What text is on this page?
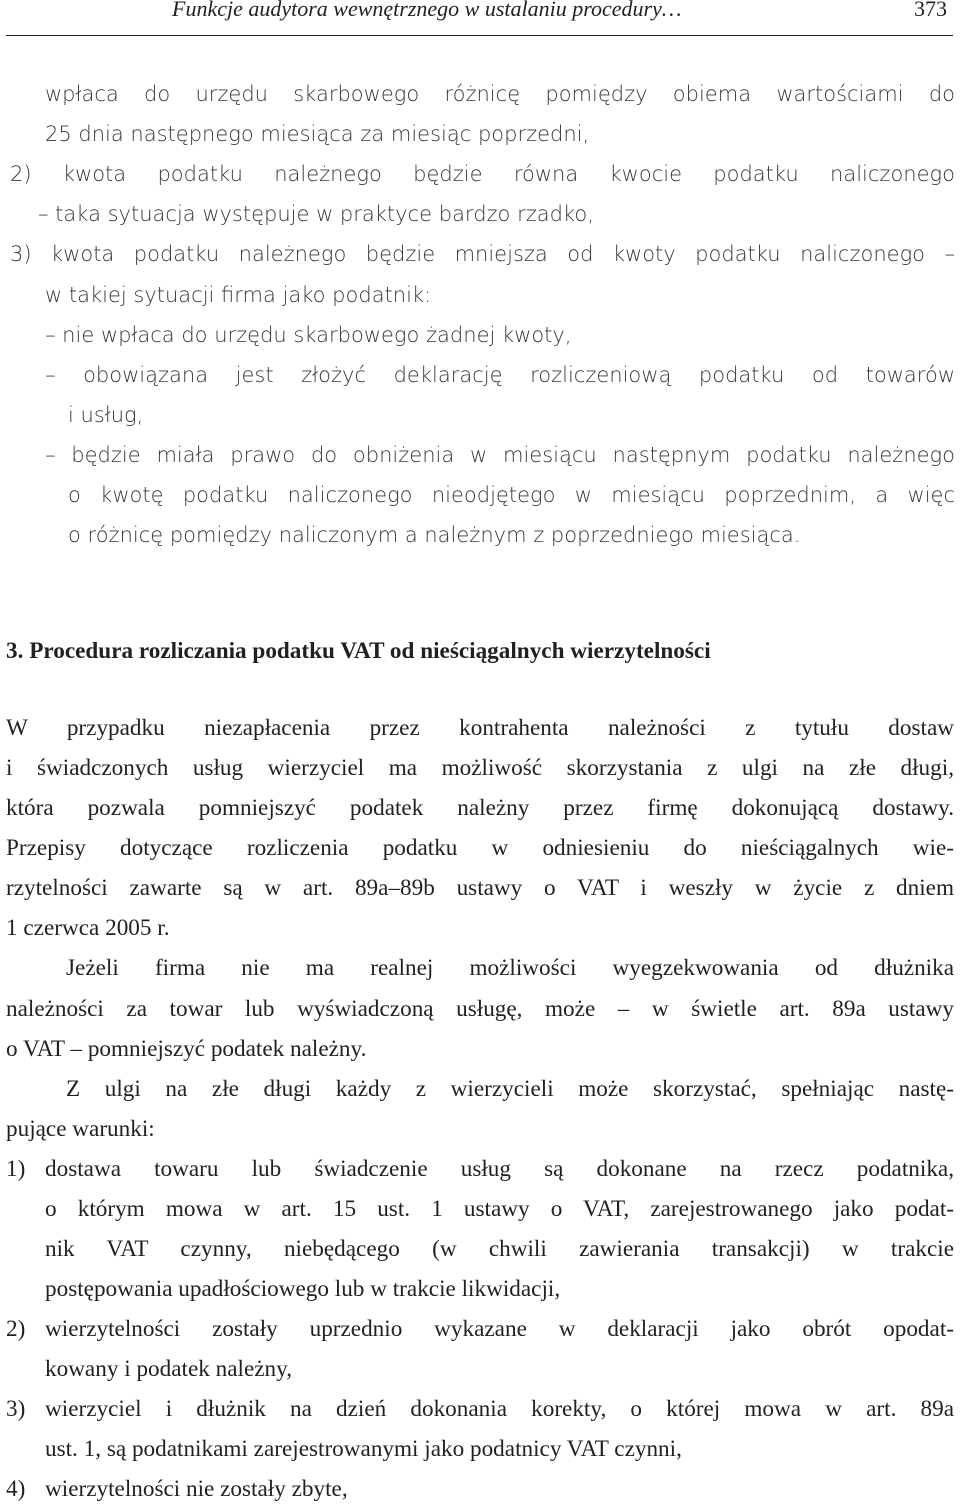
Funkcje audytora wewnętrznego w ustalaniu procedury…	373
wpłaca do urzędu skarbowego różnicę pomiędzy obiema wartościami do
25 dnia następnego miesiąca za miesiąc poprzedni,
2) kwota podatku należnego będzie równa kwocie podatku naliczonego
– taka sytuacja występuje w praktyce bardzo rzadko,
3) kwota podatku należnego będzie mniejsza od kwoty podatku naliczonego –
w takiej sytuacji firma jako podatnik:
– nie wpłaca do urzędu skarbowego żadnej kwoty,
– obowiązana jest złożyć deklarację rozliczeniową podatku od towarów
i usług,
– będzie miała prawo do obniżenia w miesiącu następnym podatku należnego
o kwotę podatku naliczonego nieodjętego w miesiącu poprzednim, a więc
o różnicę pomiędzy naliczonym a należnym z poprzedniego miesiąca.
3. Procedura rozliczania podatku VAT od nieściągalnych wierzytelności
W przypadku niezapłacenia przez kontrahenta należności z tytułu dostaw
i świadczonych usług wierzyciel ma możliwość skorzystania z ulgi na złe długi,
która pozwala pomniejszyć podatek należny przez firmę dokonującą dostawy.
Przepisy dotyczące rozliczenia podatku w odniesieniu do nieściągalnych wie-
rzytelności zawarte są w art. 89a–89b ustawy o VAT i weszły w życie z dniem
1 czerwca 2005 r.
Jeżeli firma nie ma realnej możliwości wyegzekwowania od dłużnika
należności za towar lub wyświadczoną usługę, może – w świetle art. 89a ustawy
o VAT – pomniejszyć podatek należny.
Z ulgi na złe długi każdy z wierzycieli może skorzystać, spełniając nastę-
pujące warunki:
1) dostawa towaru lub świadczenie usług są dokonane na rzecz podatnika,
o którym mowa w art. 15 ust. 1 ustawy o VAT, zarejestrowanego jako podat-
nik VAT czynny, niebędącego (w chwili zawierania transakcji) w trakcie
postępowania upadłościowego lub w trakcie likwidacji,
2) wierzytelności zostały uprzednio wykazane w deklaracji jako obrót opodat-
kowany i podatek należny,
3) wierzyciel i dłużnik na dzień dokonania korekty, o której mowa w art. 89a
ust. 1, są podatnikami zarejestrowanymi jako podatnicy VAT czynni,
4) wierzytelności nie zostały zbyte,
